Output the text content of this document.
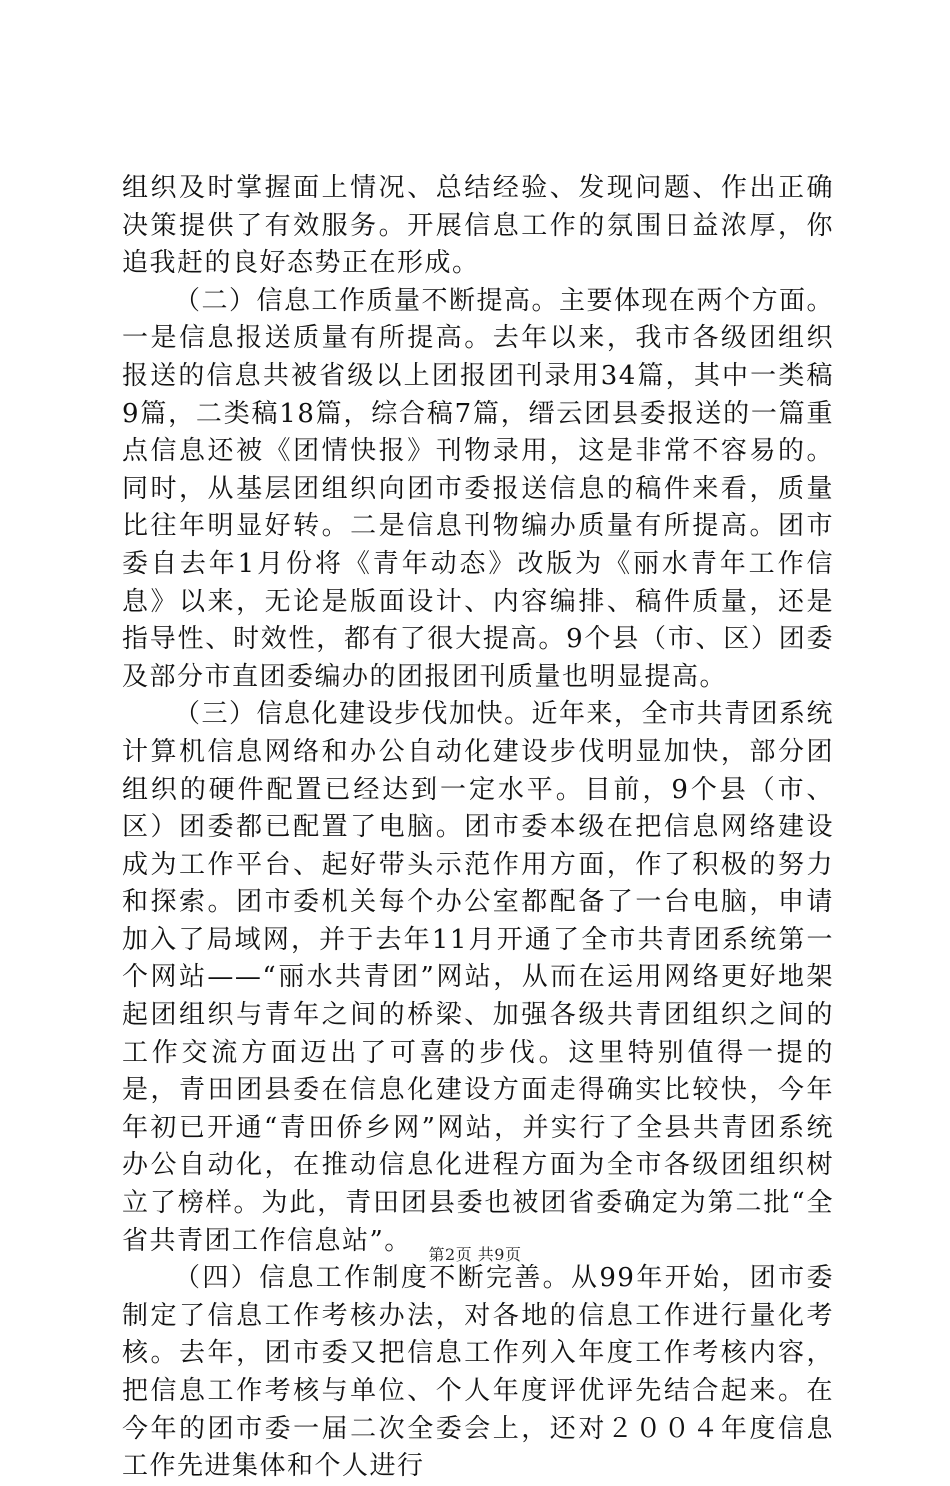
组织及时掌握面上情况、总结经验、发现问题、作出正确决策提供了有效服务。开展信息工作的氛围日益浓厚，你追我赶的良好态势正在形成。

（二）信息工作质量不断提高。主要体现在两个方面。一是信息报送质量有所提高。去年以来，我市各级团组织报送的信息共被省级以上团报团刊录用34篇，其中一类稿9篇，二类稿18篇，综合稿7篇，缙云团县委报送的一篇重点信息还被《团情快报》刊物录用，这是非常不容易的。同时，从基层团组织向团市委报送信息的稿件来看，质量比往年明显好转。二是信息刊物编办质量有所提高。团市委自去年1月份将《青年动态》改版为《丽水青年工作信息》以来，无论是版面设计、内容编排、稿件质量，还是指导性、时效性，都有了很大提高。9个县（市、区）团委及部分市直团委编办的团报团刊质量也明显提高。

（三）信息化建设步伐加快。近年来，全市共青团系统计算机信息网络和办公自动化建设步伐明显加快，部分团组织的硬件配置已经达到一定水平。目前，9个县（市、区）团委都已配置了电脑。团市委本级在把信息网络建设成为工作平台、起好带头示范作用方面，作了积极的努力和探索。团市委机关每个办公室都配备了一台电脑，申请加入了局域网，并于去年11月开通了全市共青团系统第一个网站——“丽水共青团”网站，从而在运用网络更好地架起团组织与青年之间的桥梁、加强各级共青团组织之间的工作交流方面迈出了可喜的步伐。这里特别值得一提的是，青田团县委在信息化建设方面走得确实比较快，今年年初已开通“青田侨乡网”网站，并实行了全县共青团系统办公自动化，在推动信息化进程方面为全市各级团组织树立了榜样。为此，青田团县委也被团省委确定为第二批“全省共青团工作信息站”。

（四）信息工作制度不断完善。从99年开始，团市委制定了信息工作考核办法，对各地的信息工作进行量化考核。去年，团市委又把信息工作列入年度工作考核内容，把信息工作考核与单位、个人年度评优评先结合起来。在今年的团市委一届二次全委会上，还对２００４年度信息工作先进集体和个人进行

第2页 共9页
